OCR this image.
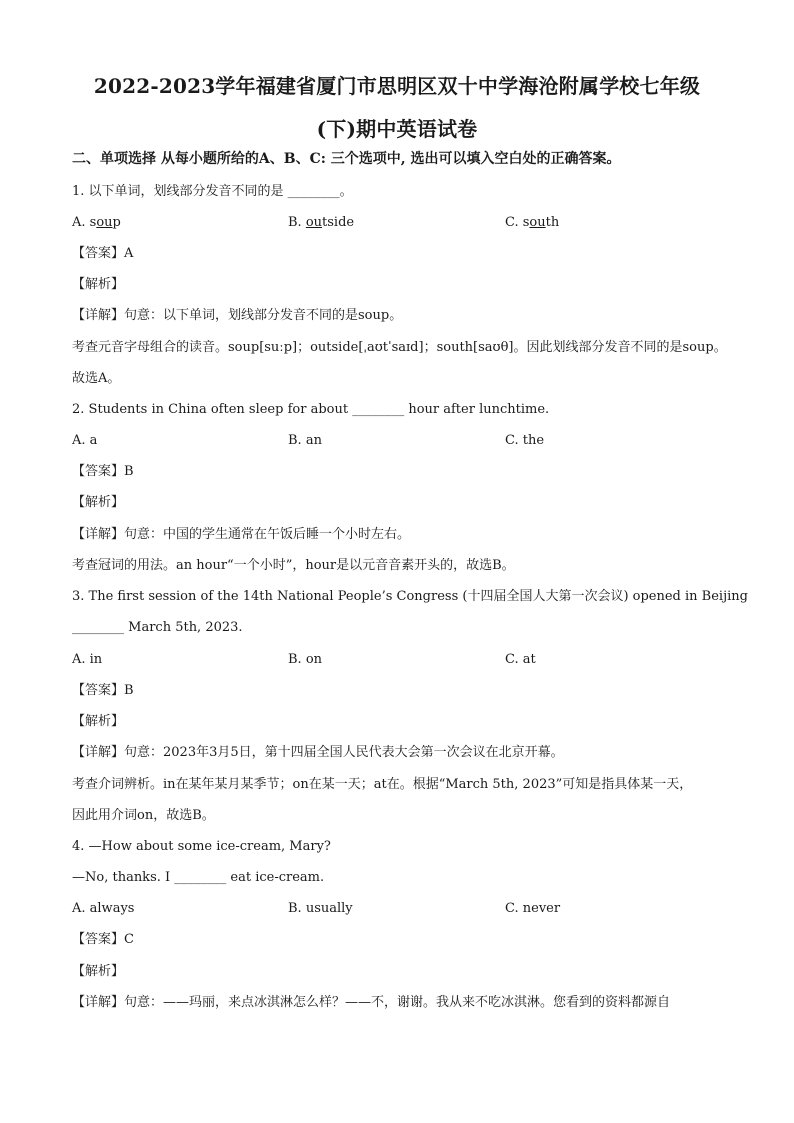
2022-2023学年福建省厦门市思明区双十中学海沧附属学校七年级
(下)期中英语试卷
二、单项选择 从每小题所给的A、B、C: 三个选项中, 选出可以填入空白处的正确答案。
1. 以下单词，划线部分发音不同的是 ________。
A. soup	B. outside	C. south
【答案】A
【解析】
【详解】句意：以下单词，划线部分发音不同的是soup。
考查元音字母组合的读音。soup[suːp]；outside[ˌaʊtˈsaɪd]；south[saʊθ]。因此划线部分发音不同的是soup。
故选A。
2. Students in China often sleep for about ________ hour after lunchtime.
A. a	B. an	C. the
【答案】B
【解析】
【详解】句意：中国的学生通常在午饭后睡一个小时左右。
考查冠词的用法。an hour“一个小时”，hour是以元音音素开头的，故选B。
3. The first session of the 14th National People’s Congress (十四届全国人大第一次会议) opened in Beijing
________ March 5th, 2023.
A. in	B. on	C. at
【答案】B
【解析】
【详解】句意：2023年3月5日，第十四届全国人民代表大会第一次会议在北京开幕。
考查介词辨析。in在某年某月某季节；on在某一天；at在。根据“March 5th, 2023”可知是指具体某一天，
因此用介词on，故选B。
4. —How about some ice-cream, Mary?
—No, thanks. I ________ eat ice-cream.
A. always	B. usually	C. never
【答案】C
【解析】
【详解】句意：——玛丽，来点冰淇淋怎么样？——不，谢谢。我从来不吃冰淇淋。您看到的资料都源自
